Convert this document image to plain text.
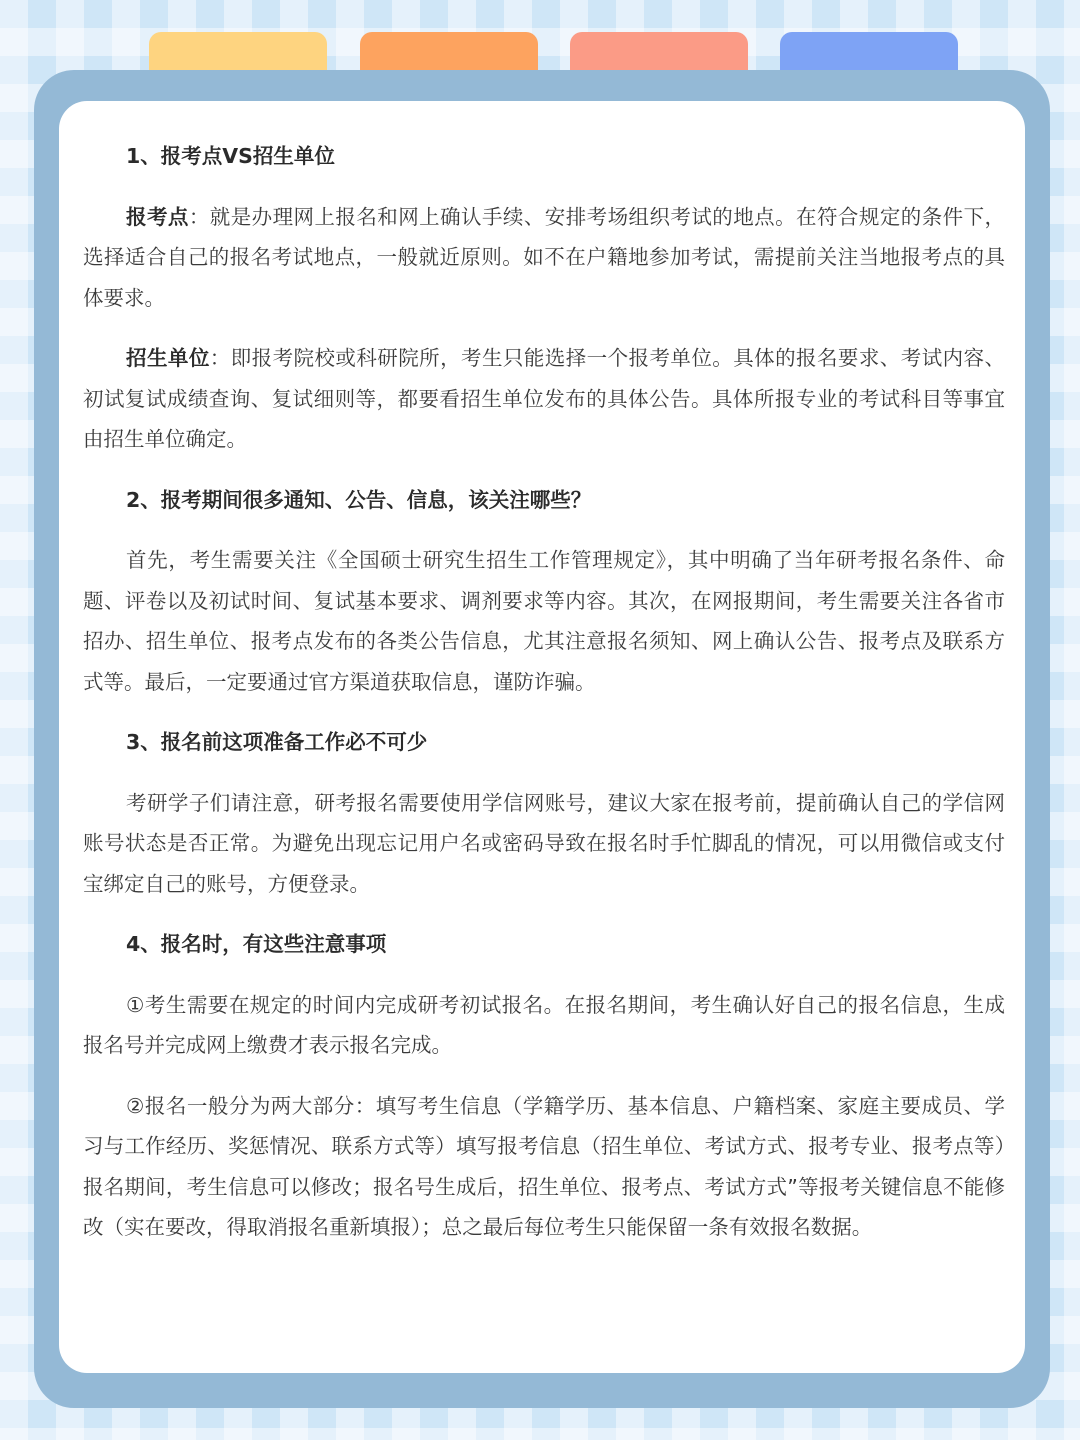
1、报考点VS招生单位

报考点：就是办理网上报名和网上确认手续、安排考场组织考试的地点。在符合规定的条件下，选择适合自己的报名考试地点，一般就近原则。如不在户籍地参加考试，需提前关注当地报考点的具体要求。

招生单位：即报考院校或科研院所，考生只能选择一个报考单位。具体的报名要求、考试内容、初试复试成绩查询、复试细则等，都要看招生单位发布的具体公告。具体所报专业的考试科目等事宜由招生单位确定。

2、报考期间很多通知、公告、信息，该关注哪些？

首先，考生需要关注《全国硕士研究生招生工作管理规定》，其中明确了当年研考报名条件、命题、评卷以及初试时间、复试基本要求、调剂要求等内容。其次，在网报期间，考生需要关注各省市招办、招生单位、报考点发布的各类公告信息，尤其注意报名须知、网上确认公告、报考点及联系方式等。最后，一定要通过官方渠道获取信息，谨防诈骗。

3、报名前这项准备工作必不可少

考研学子们请注意，研考报名需要使用学信网账号，建议大家在报考前，提前确认自己的学信网账号状态是否正常。为避免出现忘记用户名或密码导致在报名时手忙脚乱的情况，可以用微信或支付宝绑定自己的账号，方便登录。

4、报名时，有这些注意事项

①考生需要在规定的时间内完成研考初试报名。在报名期间，考生确认好自己的报名信息，生成报名号并完成网上缴费才表示报名完成。

②报名一般分为两大部分：填写考生信息（学籍学历、基本信息、户籍档案、家庭主要成员、学习与工作经历、奖惩情况、联系方式等）填写报考信息（招生单位、考试方式、报考专业、报考点等）报名期间，考生信息可以修改；报名号生成后，招生单位、报考点、考试方式”等报考关键信息不能修改（实在要改，得取消报名重新填报）；总之最后每位考生只能保留一条有效报名数据。
